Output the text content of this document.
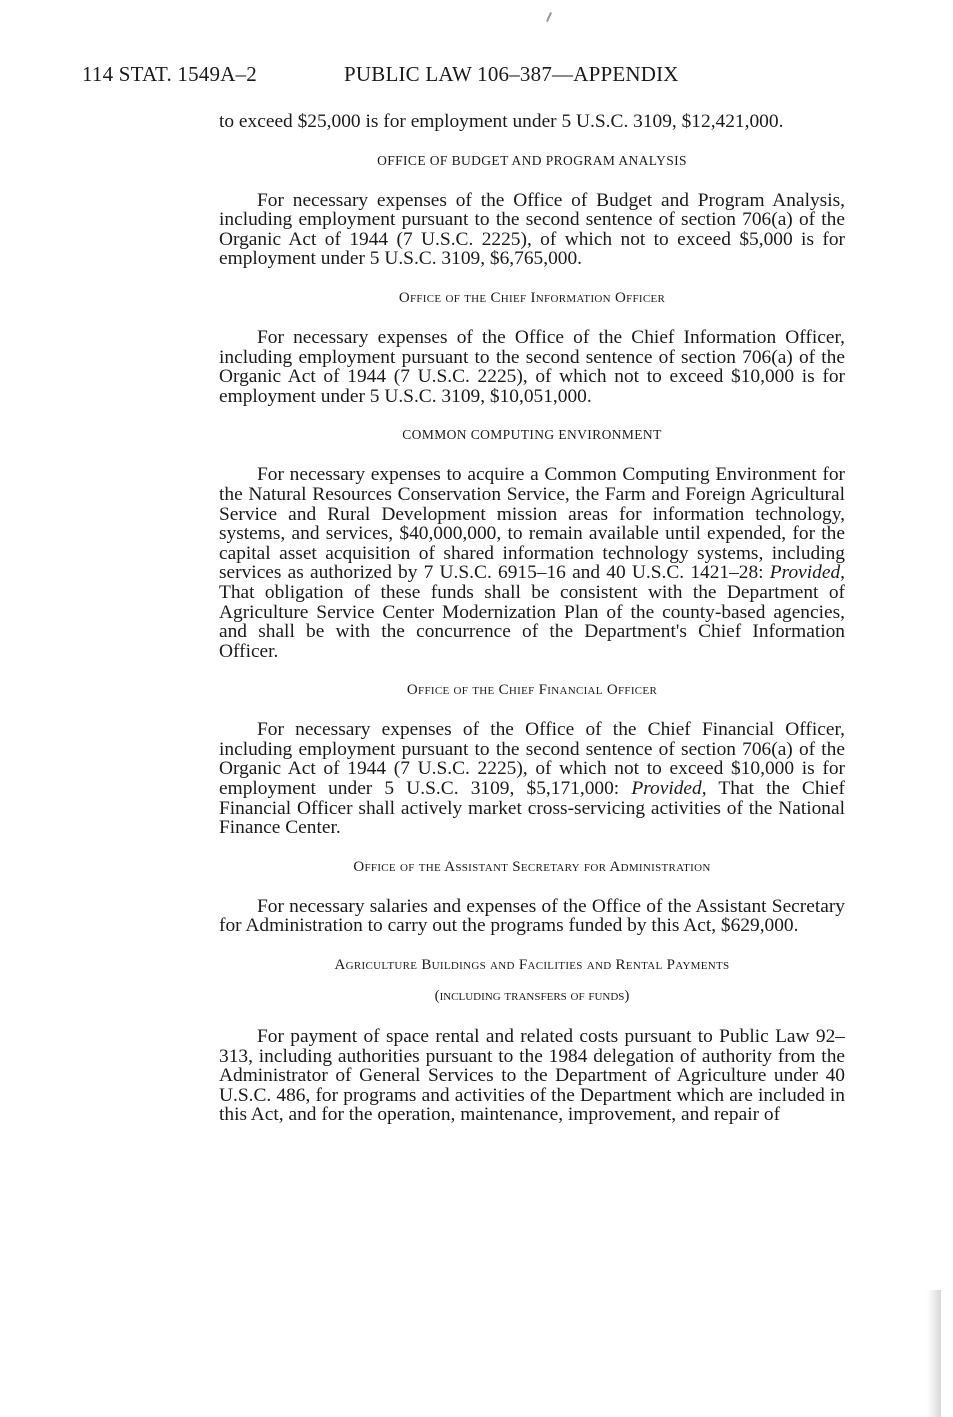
114 STAT. 1549A–2	PUBLIC LAW 106–387—APPENDIX

to exceed $25,000 is for employment under 5 U.S.C. 3109, $12,421,000.

OFFICE OF BUDGET AND PROGRAM ANALYSIS

For necessary expenses of the Office of Budget and Program Analysis, including employment pursuant to the second sentence of section 706(a) of the Organic Act of 1944 (7 U.S.C. 2225), of which not to exceed $5,000 is for employment under 5 U.S.C. 3109, $6,765,000.

Office of the Chief Information Officer

For necessary expenses of the Office of the Chief Information Officer, including employment pursuant to the second sentence of section 706(a) of the Organic Act of 1944 (7 U.S.C. 2225), of which not to exceed $10,000 is for employment under 5 U.S.C. 3109, $10,051,000.

COMMON COMPUTING ENVIRONMENT

For necessary expenses to acquire a Common Computing Environment for the Natural Resources Conservation Service, the Farm and Foreign Agricultural Service and Rural Development mission areas for information technology, systems, and services, $40,000,000, to remain available until expended, for the capital asset acquisition of shared information technology systems, including services as authorized by 7 U.S.C. 6915–16 and 40 U.S.C. 1421–28: Provided, That obligation of these funds shall be consistent with the Department of Agriculture Service Center Modernization Plan of the county-based agencies, and shall be with the concurrence of the Department's Chief Information Officer.

Office of the Chief Financial Officer

For necessary expenses of the Office of the Chief Financial Officer, including employment pursuant to the second sentence of section 706(a) of the Organic Act of 1944 (7 U.S.C. 2225), of which not to exceed $10,000 is for employment under 5 U.S.C. 3109, $5,171,000: Provided, That the Chief Financial Officer shall actively market cross-servicing activities of the National Finance Center.

Office of the Assistant Secretary for Administration

For necessary salaries and expenses of the Office of the Assistant Secretary for Administration to carry out the programs funded by this Act, $629,000.

Agriculture Buildings and Facilities and Rental Payments
(including transfers of funds)

For payment of space rental and related costs pursuant to Public Law 92–313, including authorities pursuant to the 1984 delegation of authority from the Administrator of General Services to the Department of Agriculture under 40 U.S.C. 486, for programs and activities of the Department which are included in this Act, and for the operation, maintenance, improvement, and repair of
